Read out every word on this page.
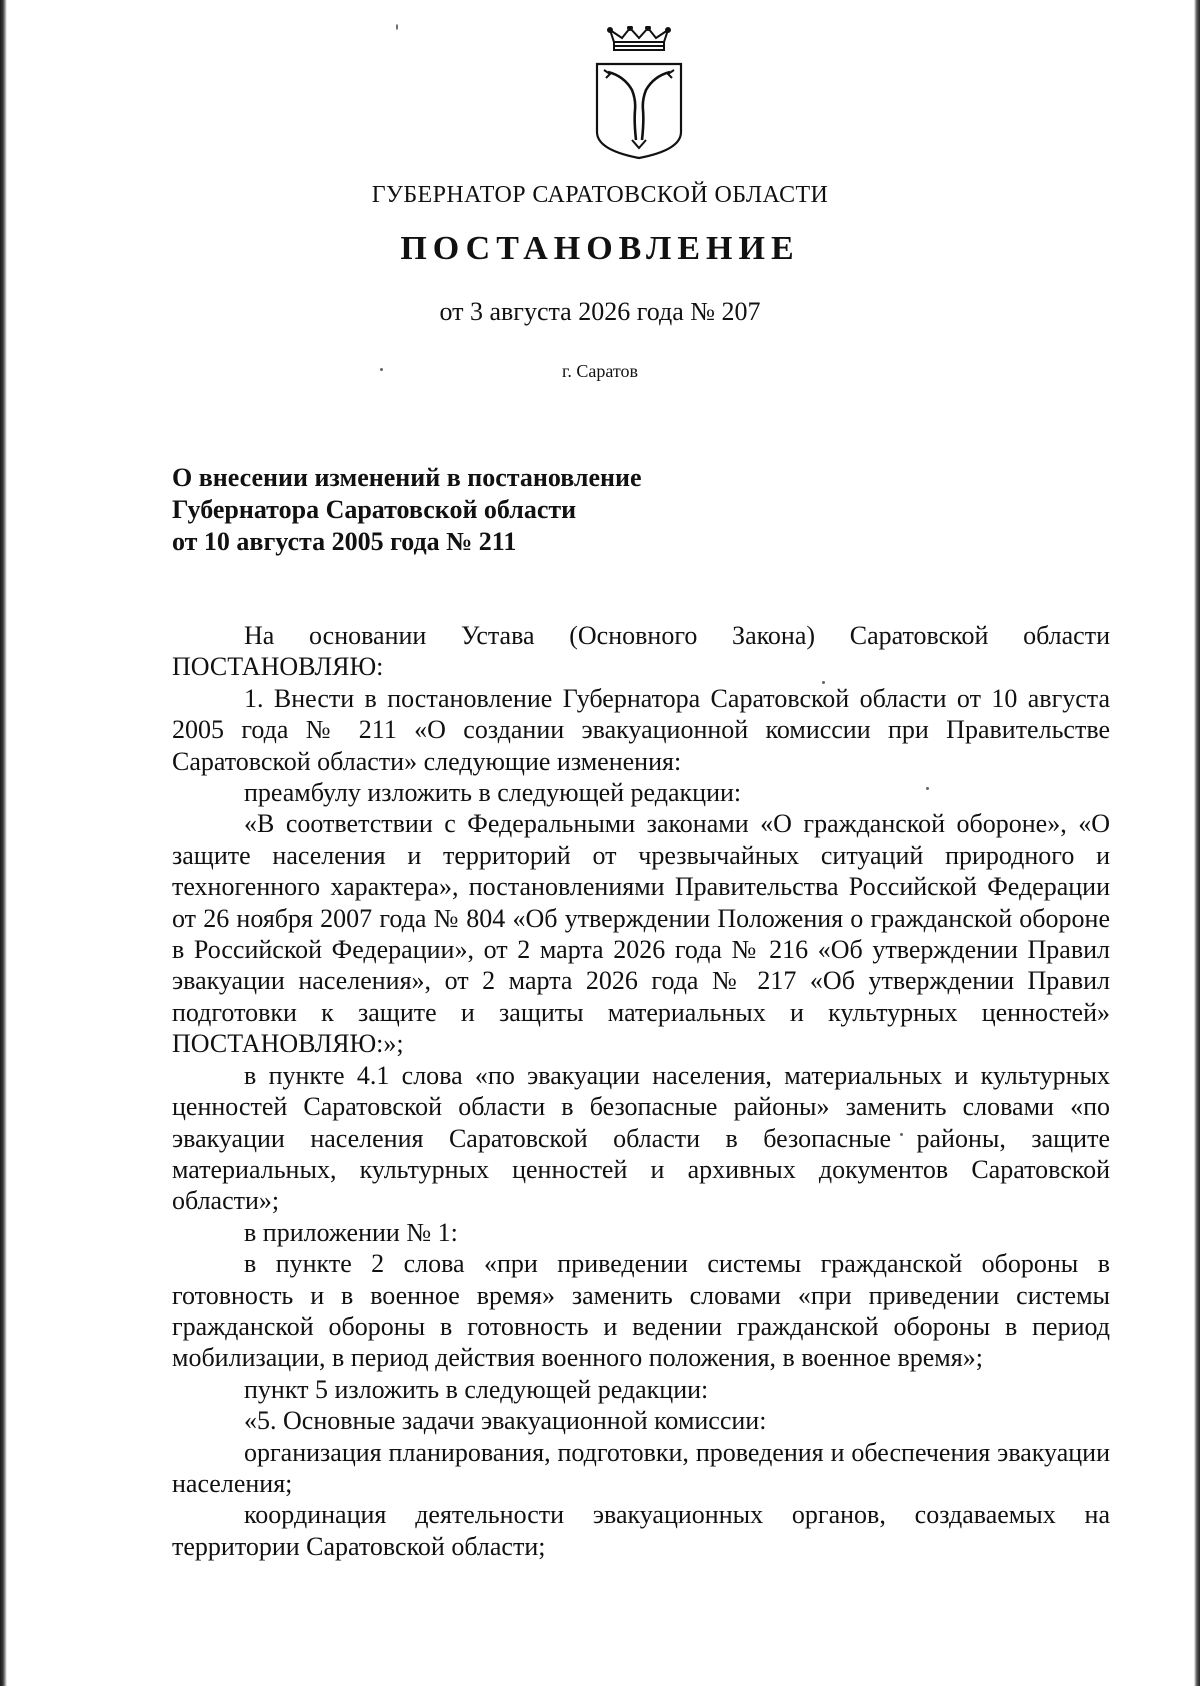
ГУБЕРНАТОР САРАТОВСКОЙ ОБЛАСТИ
ПОСТАНОВЛЕНИЕ
от 3 августа 2026 года № 207
г. Саратов
О внесении изменений в постановление
Губернатора Саратовской области
от 10 августа 2005 года № 211

На основании Устава (Основного Закона) Саратовской области ПОСТАНОВЛЯЮ:

1. Внести в постановление Губернатора Саратовской области от 10 августа 2005 года № 211 «О создании эвакуационной комиссии при Правительстве Саратовской области» следующие изменения:

преамбулу изложить в следующей редакции:

«В соответствии с Федеральными законами «О гражданской обороне», «О защите населения и территорий от чрезвычайных ситуаций природного и техногенного характера», постановлениями Правительства Российской Федерации от 26 ноября 2007 года № 804 «Об утверждении Положения о гражданской обороне в Российской Федерации», от 2 марта 2026 года № 216 «Об утверждении Правил эвакуации населения», от 2 марта 2026 года № 217 «Об утверждении Правил подготовки к защите и защиты материальных и культурных ценностей» ПОСТАНОВЛЯЮ:»;

в пункте 4.1 слова «по эвакуации населения, материальных и культурных ценностей Саратовской области в безопасные районы» заменить словами «по эвакуации населения Саратовской области в безопасные районы, защите материальных, культурных ценностей и архивных документов Саратовской области»;

в приложении № 1:

в пункте 2 слова «при приведении системы гражданской обороны в готовность и в военное время» заменить словами «при приведении системы гражданской обороны в готовность и ведении гражданской обороны в период мобилизации, в период действия военного положения, в военное время»;

пункт 5 изложить в следующей редакции:

«5. Основные задачи эвакуационной комиссии:

организация планирования, подготовки, проведения и обеспечения эвакуации населения;

координация деятельности эвакуационных органов, создаваемых на территории Саратовской области;
